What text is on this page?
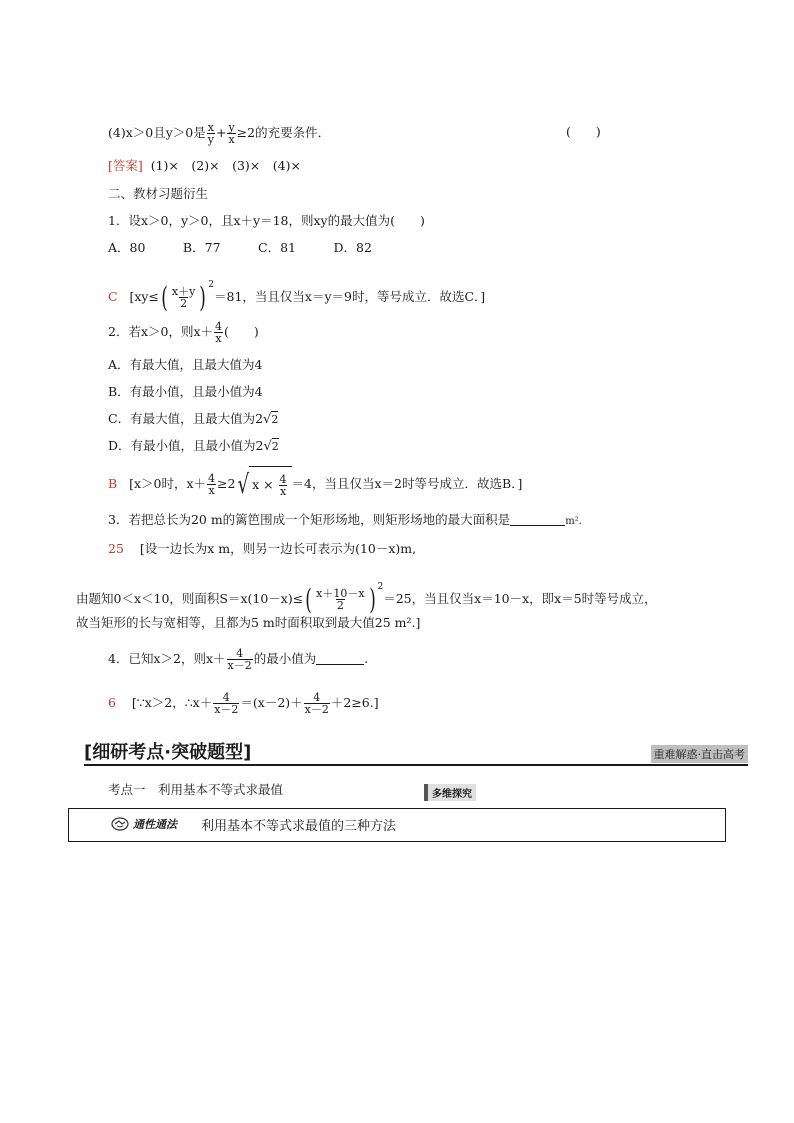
(4)x＞0且y＞0是 $\frac{x}{y} + \frac{y}{x} \ge 2$的充要条件．	(　　)
[答案] (1)×　(2)×　(3)×　(4)×
二、教材习题衍生
1．设x＞0，y＞0，且x＋y＝18，则xy的最大值为(　　)
A．80　　　B．77　　　C．81　　　D．82
C [$xy\le( \frac{x+y}{2}$ ) $^2$＝81，当且仅当x＝y＝9时，等号成立．故选C．]
2．若x＞0，则$x+ \frac{4}{x}$ (　　)
A．有最大值，且最大值为4
B．有最小值，且最小值为4
C．有最大值，且最大值为2 √ 2
D．有最小值，且最小值为2 √ 2
B [x＞0时，$x+ \frac{4}{x} \ge 2$ √ x ×
$\frac{4}{x} =4$，当且仅当x＝2时等号成立．故选B．]
3．若把总长为20 m的篱笆围成一个矩形场地，则矩形场地的最大面积是	m².
25 [设一边长为x m，则另一边长可表示为(10－x)m,
由题知0＜x＜10，则面积$S=x(10-x)\le( \frac{x+10-x}{2}$ ) $^2$＝25，当且仅当x＝10－x，即x＝5时等号成立，
故当矩形的长与宽相等，且都为5 m时面积取到最大值25 m².]
4．已知x＞2，则$x+ \frac{4}{x-2}$ 的最小值为	.
6 [∵x＞2，∴x＋ $\frac{4}{x-2} =(x-2)+ \frac{4}{x-2} +2\ge 6$.]
[细研考点·突破题型]	重难解惑·直击高考
考点一　利用基本不等式求最值	多维探究
通性通法 利用基本不等式求最值的三种方法
